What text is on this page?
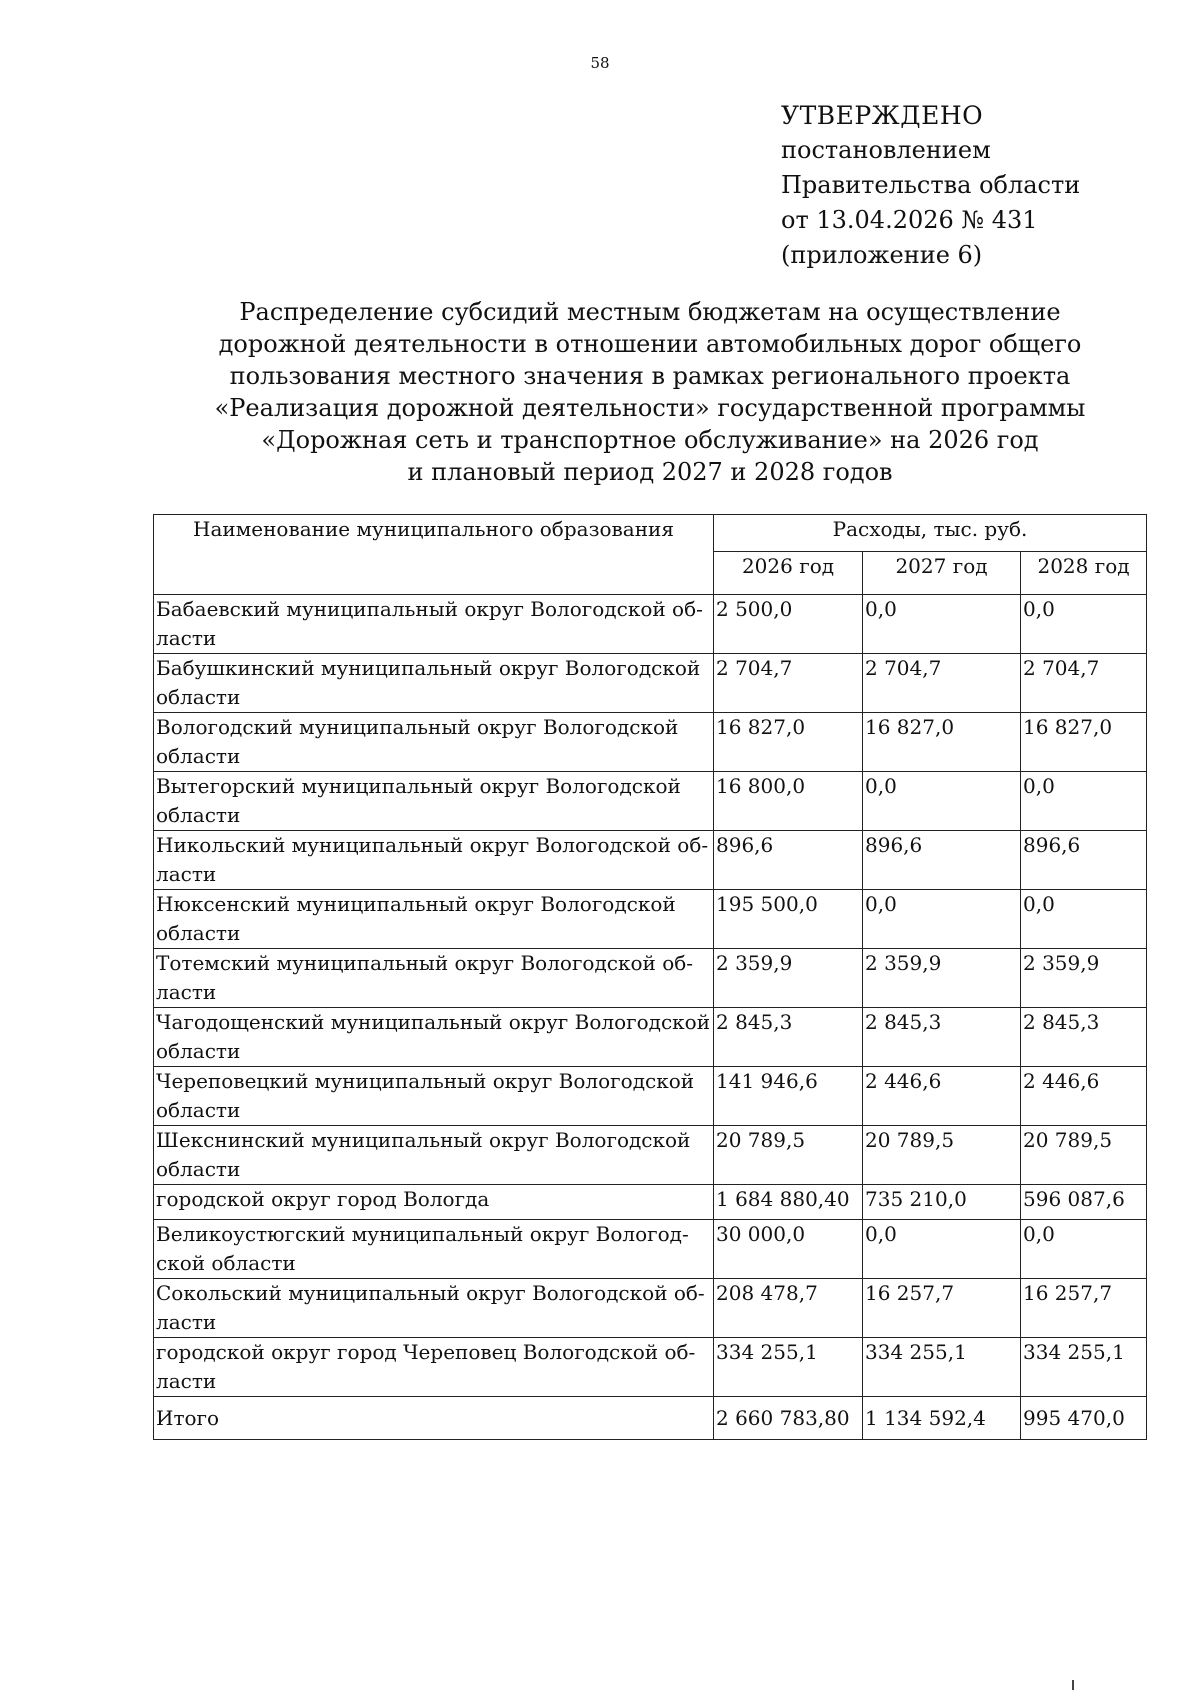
58
УТВЕРЖДЕНО
постановлением
Правительства области
от 13.04.2026 № 431
(приложение 6)
Распределение субсидий местным бюджетам на осуществление
дорожной деятельности в отношении автомобильных дорог общего
пользования местного значения в рамках регионального проекта
«Реализация дорожной деятельности» государственной программы
«Дорожная сеть и транспортное обслуживание» на 2026 год
и плановый период 2027 и 2028 годов
Наименование муниципального образования	Расходы, тыс. руб.		
	2026 год	2027 год	2028 год
Бабаевский муниципальный округ Вологодской об-ласти	2 500,0	0,0	0,0
Бабушкинский муниципальный округ Вологодской области	2 704,7	2 704,7	2 704,7
Вологодский муниципальный округ Вологодской области	16 827,0	16 827,0	16 827,0
Вытегорский муниципальный округ Вологодской области	16 800,0	0,0	0,0
Никольский муниципальный округ Вологодской об-ласти	896,6	896,6	896,6
Нюксенский муниципальный округ Вологодской области	195 500,0	0,0	0,0
Тотемский муниципальный округ Вологодской об-ласти	2 359,9	2 359,9	2 359,9
Чагодощенский муниципальный округ Вологодской области	2 845,3	2 845,3	2 845,3
Череповецкий муниципальный округ Вологодской области	141 946,6	2 446,6	2 446,6
Шекснинский муниципальный округ Вологодской области	20 789,5	20 789,5	20 789,5
городской округ город Вологда	1 684 880,40	735 210,0	596 087,6
Великоустюгский муниципальный округ Вологод-ской области	30 000,0	0,0	0,0
Сокольский муниципальный округ Вологодской об-ласти	208 478,7	16 257,7	16 257,7
городской округ город Череповец Вологодской об-ласти	334 255,1	334 255,1	334 255,1
Итого	2 660 783,80	1 134 592,4	995 470,0
